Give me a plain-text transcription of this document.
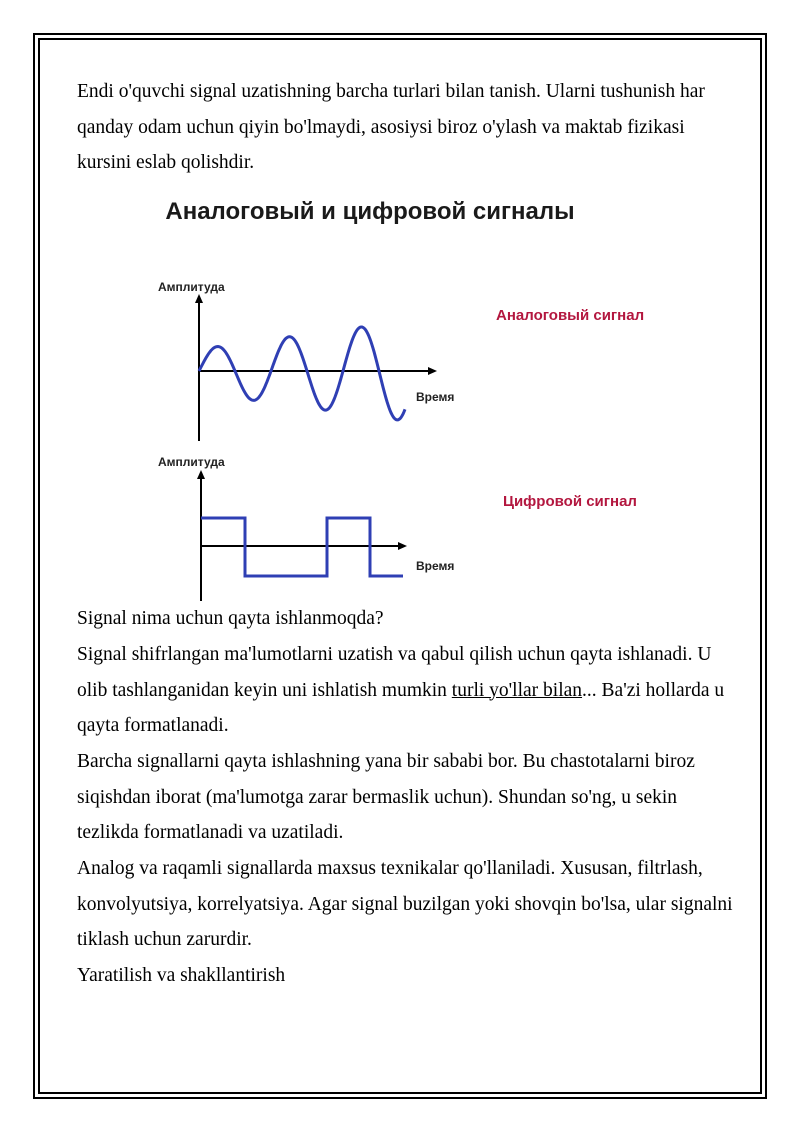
Endi o'quvchi signal uzatishning barcha turlari bilan tanish. Ularni tushunish har qanday odam uchun qiyin bo'lmaydi, asosiysi biroz o'ylash va maktab fizikasi kursini eslab qolishdir.

Аналоговый и цифровой сигналы
Амплитуда
Время
Аналоговый сигнал
Амплитуда
Время
Цифровой сигнал

Signal nima uchun qayta ishlanmoqda?

Signal shifrlangan ma'lumotlarni uzatish va qabul qilish uchun qayta ishlanadi. U olib tashlanganidan keyin uni ishlatish mumkin turli yo'llar bilan... Ba'zi hollarda u qayta formatlanadi.

Barcha signallarni qayta ishlashning yana bir sababi bor. Bu chastotalarni biroz siqishdan iborat (ma'lumotga zarar bermaslik uchun). Shundan so'ng, u sekin tezlikda formatlanadi va uzatiladi.

Analog va raqamli signallarda maxsus texnikalar qo'llaniladi. Xususan, filtrlash, konvolyutsiya, korrelyatsiya. Agar signal buzilgan yoki shovqin bo'lsa, ular signalni tiklash uchun zarurdir.

Yaratilish va shakllantirish
